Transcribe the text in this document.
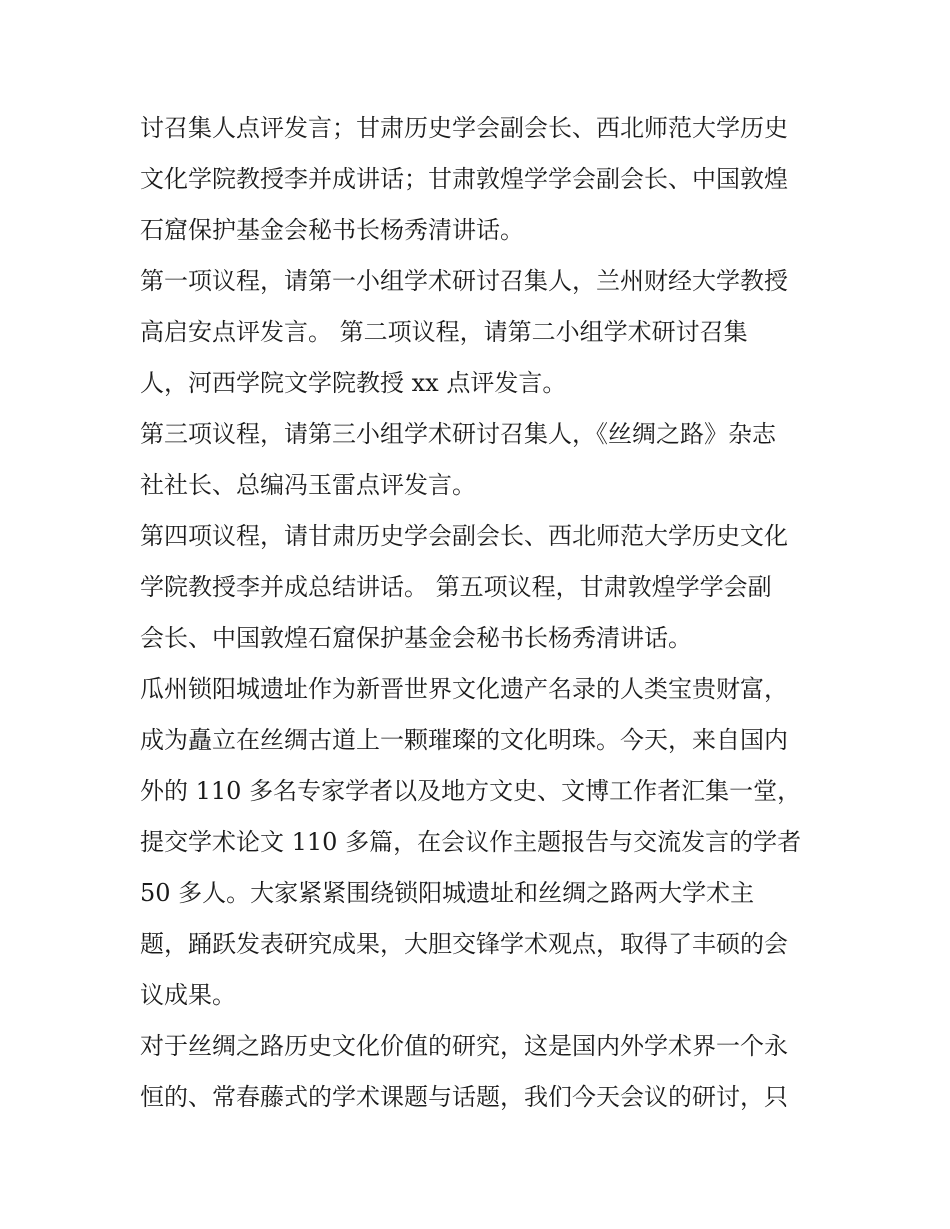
讨召集人点评发言；甘肃历史学会副会长、西北师范大学历史

文化学院教授李并成讲话；甘肃敦煌学学会副会长、中国敦煌

石窟保护基金会秘书长杨秀清讲话。

第一项议程，请第一小组学术研讨召集人，兰州财经大学教授

高启安点评发言。 第二项议程，请第二小组学术研讨召集

人，河西学院文学院教授 xx 点评发言。

第三项议程，请第三小组学术研讨召集人，《丝绸之路》杂志

社社长、总编冯玉雷点评发言。

第四项议程，请甘肃历史学会副会长、西北师范大学历史文化

学院教授李并成总结讲话。 第五项议程，甘肃敦煌学学会副

会长、中国敦煌石窟保护基金会秘书长杨秀清讲话。

瓜州锁阳城遗址作为新晋世界文化遗产名录的人类宝贵财富，

成为矗立在丝绸古道上一颗璀璨的文化明珠。今天，来自国内

外的 110 多名专家学者以及地方文史、文博工作者汇集一堂，

提交学术论文 110 多篇，在会议作主题报告与交流发言的学者

50 多人。大家紧紧围绕锁阳城遗址和丝绸之路两大学术主

题，踊跃发表研究成果，大胆交锋学术观点，取得了丰硕的会

议成果。

对于丝绸之路历史文化价值的研究，这是国内外学术界一个永

恒的、常春藤式的学术课题与话题，我们今天会议的研讨，只
